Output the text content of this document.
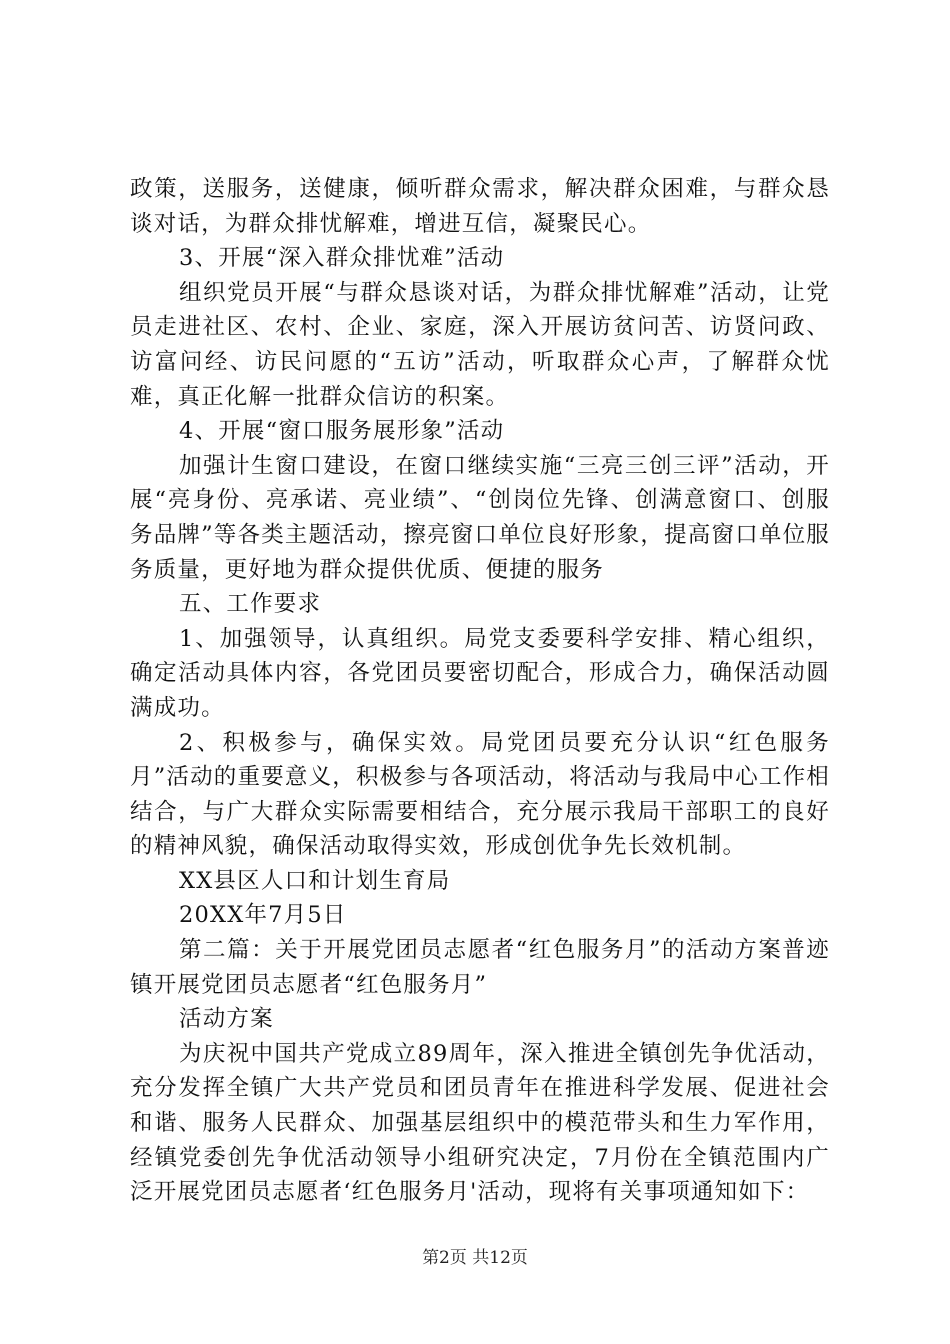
政策，送服务，送健康，倾听群众需求，解决群众困难，与群众恳谈对话，为群众排忧解难，增进互信，凝聚民心。

3、开展“深入群众排忧难”活动

组织党员开展“与群众恳谈对话，为群众排忧解难”活动，让党员走进社区、农村、企业、家庭，深入开展访贫问苦、访贤问政、访富问经、访民问愿的“五访”活动，听取群众心声，了解群众忧难，真正化解一批群众信访的积案。

4、开展“窗口服务展形象”活动

加强计生窗口建设，在窗口继续实施“三亮三创三评”活动，开展“亮身份、亮承诺、亮业绩”、“创岗位先锋、创满意窗口、创服务品牌”等各类主题活动，擦亮窗口单位良好形象，提高窗口单位服务质量，更好地为群众提供优质、便捷的服务

五、工作要求

1、加强领导，认真组织。局党支委要科学安排、精心组织，确定活动具体内容，各党团员要密切配合，形成合力，确保活动圆满成功。

2、积极参与，确保实效。局党团员要充分认识“红色服务月”活动的重要意义，积极参与各项活动，将活动与我局中心工作相结合，与广大群众实际需要相结合，充分展示我局干部职工的良好的精神风貌，确保活动取得实效，形成创优争先长效机制。

XX县区人口和计划生育局

20XX年7月5日

第二篇：关于开展党团员志愿者“红色服务月”的活动方案普迹镇开展党团员志愿者“红色服务月”

活动方案

为庆祝中国共产党成立89周年，深入推进全镇创先争优活动，充分发挥全镇广大共产党员和团员青年在推进科学发展、促进社会和谐、服务人民群众、加强基层组织中的模范带头和生力军作用，经镇党委创先争优活动领导小组研究决定，7月份在全镇范围内广泛开展党团员志愿者‘红色服务月'活动，现将有关事项通知如下：

第2页 共12页
